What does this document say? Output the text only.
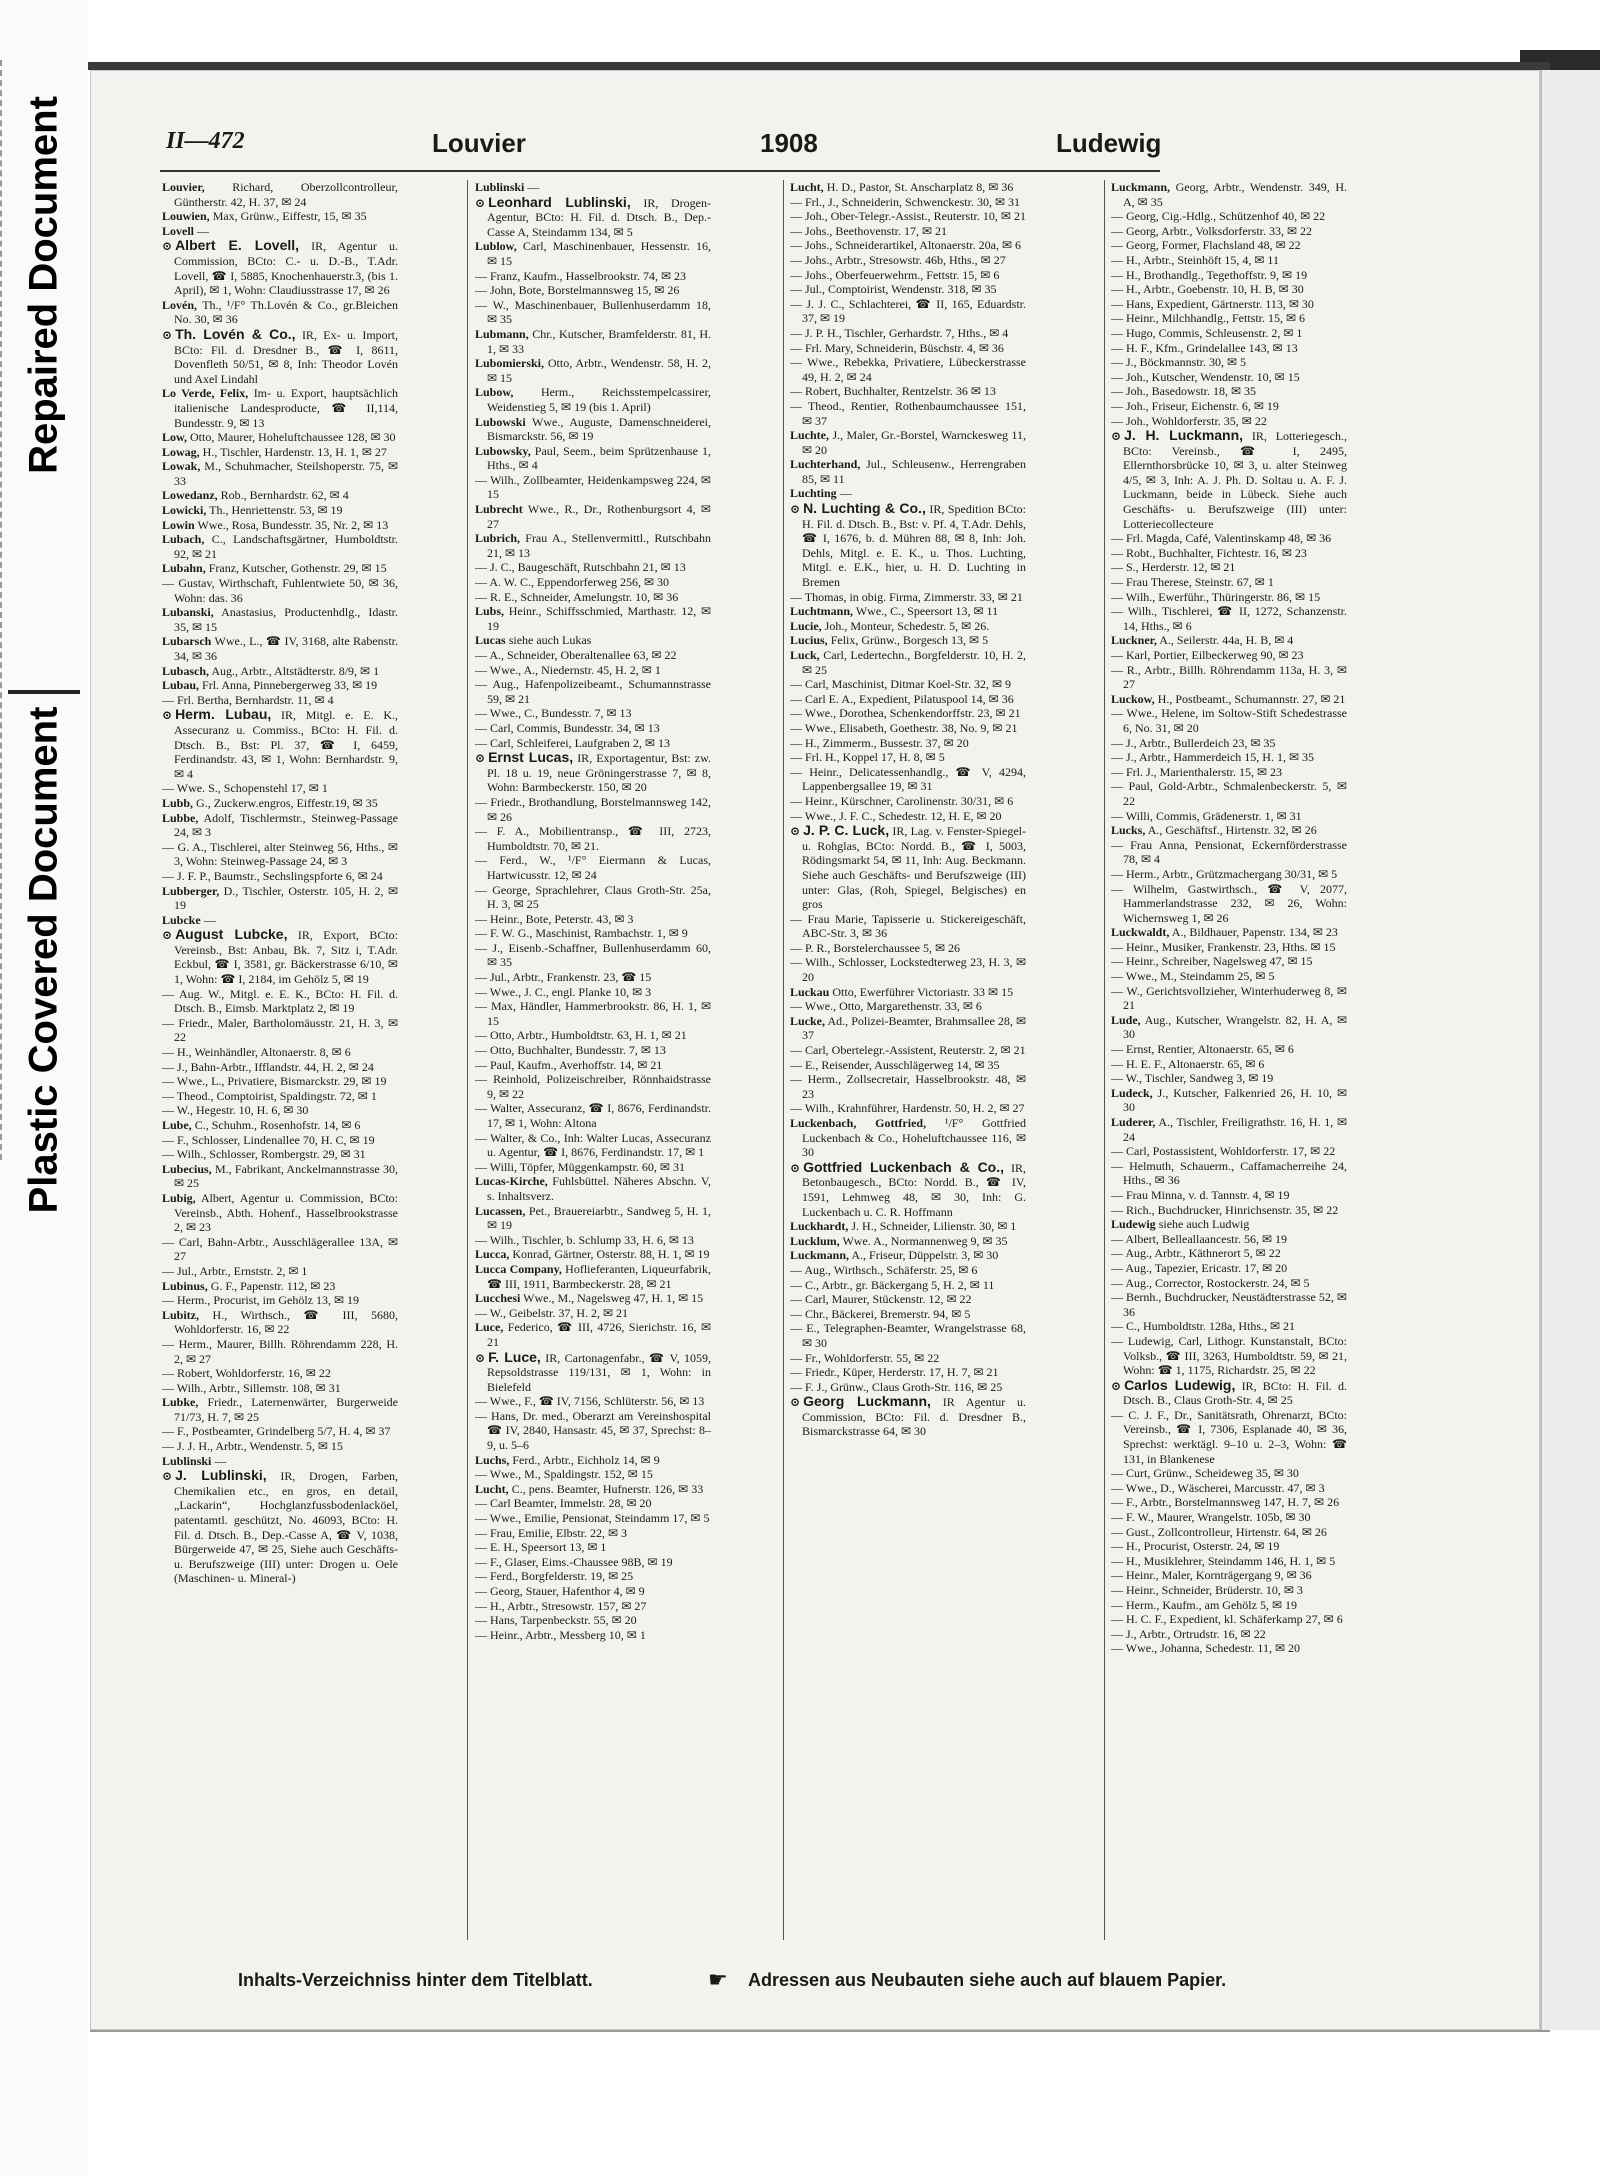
Repaired Document
Plastic Covered Document
II—472	Louvier	1908	Ludewig
Louvier, Richard, Oberzollcontrolleur, Güntherstr. 42, H. 37, ✉ 24
Louwien, Max, Grünw., Eiffestr, 15, ✉ 35
Lovell —
⊙ Albert E. Lovell, IR, Agentur u. Commission, BCto: C.- u. D.-B., T.Adr. Lovell, ☎ I, 5885, Knochenhauerstr.3, (bis 1. April), ✉ 1, Wohn: Claudiusstrasse 17, ✉ 26
Lovén, Th., ¹/F° Th.Lovén & Co., gr.Bleichen No. 30, ✉ 36
⊙ Th. Lovén & Co., IR, Ex- u. Import, BCto: Fil. d. Dresdner B., ☎ I, 8611, Dovenfleth 50/51, ✉ 8, Inh: Theodor Lovén und Axel Lindahl
Lo Verde, Felix, Im- u. Export, hauptsächlich italienische Landesproducte, ☎ II,114, Bundesstr. 9, ✉ 13
Low, Otto, Maurer, Hoheluftchaussee 128, ✉ 30
Lowag, H., Tischler, Hardenstr. 13, H. 1, ✉ 27
Lowak, M., Schuhmacher, Steilshoperstr. 75, ✉ 33
Lowedanz, Rob., Bernhardstr. 62, ✉ 4
Lowicki, Th., Henriettenstr. 53, ✉ 19
Lowin Wwe., Rosa, Bundesstr. 35, Nr. 2, ✉ 13
Lubach, C., Landschaftsgärtner, Humboldtstr. 92, ✉ 21
Lubahn, Franz, Kutscher, Gothenstr. 29, ✉ 15
— Gustav, Wirthschaft, Fuhlentwiete 50, ✉ 36, Wohn: das. 36
Lubanski, Anastasius, Productenhdlg., Idastr. 35, ✉ 15
Lubarsch Wwe., L., ☎ IV, 3168, alte Rabenstr. 34, ✉ 36
Lubasch, Aug., Arbtr., Altstädterstr. 8/9, ✉ 1
Lubau, Frl. Anna, Pinnebergerweg 33, ✉ 19
— Frl. Bertha, Bernhardstr. 11, ✉ 4
⊙ Herm. Lubau, IR, Mitgl. e. E. K., Assecuranz u. Commiss., BCto: H. Fil. d. Dtsch. B., Bst: Pl. 37, ☎ I, 6459, Ferdinandstr. 43, ✉ 1, Wohn: Bernhardstr. 9, ✉ 4
— Wwe. S., Schopenstehl 17, ✉ 1
Lubb, G., Zuckerw.engros, Eiffestr.19, ✉ 35
Lubbe, Adolf, Tischlermstr., Steinweg-Passage 24, ✉ 3
— G. A., Tischlerei, alter Steinweg 56, Hths., ✉ 3, Wohn: Steinweg-Passage 24, ✉ 3
— J. F. P., Baumstr., Sechslingspforte 6, ✉ 24
Lubberger, D., Tischler, Osterstr. 105, H. 2, ✉ 19
Lubcke —
⊙ August Lubcke, IR, Export, BCto: Vereinsb., Bst: Anbau, Bk. 7, Sitz i, T.Adr. Eckbul, ☎ I, 3581, gr. Bäckerstrasse 6/10, ✉ 1, Wohn: ☎ I, 2184, im Gehölz 5, ✉ 19
— Aug. W., Mitgl. e. E. K., BCto: H. Fil. d. Dtsch. B., Eimsb. Marktplatz 2, ✉ 19
— Friedr., Maler, Bartholomäusstr. 21, H. 3, ✉ 22
— H., Weinhändler, Altonaerstr. 8, ✉ 6
— J., Bahn-Arbtr., Ifflandstr. 44, H. 2, ✉ 24
— Wwe., L., Privatiere, Bismarckstr. 29, ✉ 19
— Theod., Comptoirist, Spaldingstr. 72, ✉ 1
— W., Hegestr. 10, H. 6, ✉ 30
Lube, C., Schuhm., Rosenhofstr. 14, ✉ 6
— F., Schlosser, Lindenallee 70, H. C, ✉ 19
— Wilh., Schlosser, Rombergstr. 29, ✉ 31
Lubecius, M., Fabrikant, Anckelmannstrasse 30, ✉ 25
Lubig, Albert, Agentur u. Commission, BCto: Vereinsb., Abth. Hohenf., Hasselbrookstrasse 2, ✉ 23
— Carl, Bahn-Arbtr., Ausschlägerallee 13A, ✉ 27
— Jul., Arbtr., Ernststr. 2, ✉ 1
Lubinus, G. F., Papenstr. 112, ✉ 23
— Herm., Procurist, im Gehölz 13, ✉ 19
Lubitz, H., Wirthsch., ☎ III, 5680, Wohldorferstr. 16, ✉ 22
— Herm., Maurer, Billh. Röhrendamm 228, H. 2, ✉ 27
— Robert, Wohldorferstr. 16, ✉ 22
— Wilh., Arbtr., Sillemstr. 108, ✉ 31
Lubke, Friedr., Laternenwärter, Burgerweide 71/73, H. 7, ✉ 25
— F., Postbeamter, Grindelberg 5/7, H. 4, ✉ 37
— J. J. H., Arbtr., Wendenstr. 5, ✉ 15
Lublinski —
⊙ J. Lublinski, IR, Drogen, Farben, Chemikalien etc., en gros, en detail, „Lackarin“, Hochglanzfussbodenlacköel, patentamtl. geschützt, No. 46093, BCto: H. Fil. d. Dtsch. B., Dep.-Casse A, ☎ V, 1038, Bürgerweide 47, ✉ 25, Siehe auch Geschäfts- u. Berufszweige (III) unter: Drogen u. Oele (Maschinen- u. Mineral-)
Lublinski —
⊙ Leonhard Lublinski, IR, Drogen-Agentur, BCto: H. Fil. d. Dtsch. B., Dep.-Casse A, Steindamm 134, ✉ 5
Lublow, Carl, Maschinenbauer, Hessenstr. 16, ✉ 15
— Franz, Kaufm., Hasselbrookstr. 74, ✉ 23
— John, Bote, Borstelmannsweg 15, ✉ 26
— W., Maschinenbauer, Bullenhuserdamm 18, ✉ 35
Lubmann, Chr., Kutscher, Bramfelderstr. 81, H. 1, ✉ 33
Lubomierski, Otto, Arbtr., Wendenstr. 58, H. 2, ✉ 15
Lubow, Herm., Reichsstempelcassirer, Weidenstieg 5, ✉ 19 (bis 1. April)
Lubowski Wwe., Auguste, Damenschneiderei, Bismarckstr. 56, ✉ 19
Lubowsky, Paul, Seem., beim Sprützenhause 1, Hths., ✉ 4
— Wilh., Zollbeamter, Heidenkampsweg 224, ✉ 15
Lubrecht Wwe., R., Dr., Rothenburgsort 4, ✉ 27
Lubrich, Frau A., Stellenvermittl., Rutschbahn 21, ✉ 13
— J. C., Baugeschäft, Rutschbahn 21, ✉ 13
— A. W. C., Eppendorferweg 256, ✉ 30
— R. E., Schneider, Amelungstr. 10, ✉ 36
Lubs, Heinr., Schiffsschmied, Marthastr. 12, ✉ 19
Lucas siehe auch Lukas
— A., Schneider, Oberaltenallee 63, ✉ 22
— Wwe., A., Niedernstr. 45, H. 2, ✉ 1
— Aug., Hafenpolizeibeamt., Schumannstrasse 59, ✉ 21
— Wwe., C., Bundesstr. 7, ✉ 13
— Carl, Commis, Bundesstr. 34, ✉ 13
— Carl, Schleiferei, Laufgraben 2, ✉ 13
⊙ Ernst Lucas, IR, Exportagentur, Bst: zw. Pl. 18 u. 19, neue Gröningerstrasse 7, ✉ 8, Wohn: Barmbeckerstr. 150, ✉ 20
— Friedr., Brothandlung, Borstelmannsweg 142, ✉ 26
— F. A., Mobilientransp., ☎ III, 2723, Humboldtstr. 70, ✉ 21.
— Ferd., W., ¹/F° Eiermann & Lucas, Hartwicusstr. 12, ✉ 24
— George, Sprachlehrer, Claus Groth-Str. 25a, H. 3, ✉ 25
— Heinr., Bote, Peterstr. 43, ✉ 3
— F. W. G., Maschinist, Rambachstr. 1, ✉ 9
— J., Eisenb.-Schaffner, Bullenhuserdamm 60, ✉ 35
— Jul., Arbtr., Frankenstr. 23, ☎ 15
— Wwe., J. C., engl. Planke 10, ✉ 3
— Max, Händler, Hammerbrookstr. 86, H. 1, ✉ 15
— Otto, Arbtr., Humboldtstr. 63, H. 1, ✉ 21
— Otto, Buchhalter, Bundesstr. 7, ✉ 13
— Paul, Kaufm., Averhoffstr. 14, ✉ 21
— Reinhold, Polizeischreiber, Rönnhaidstrasse 9, ✉ 22
— Walter, Assecuranz, ☎ I, 8676, Ferdinandstr. 17, ✉ 1, Wohn: Altona
— Walter, & Co., Inh: Walter Lucas, Assecuranz u. Agentur, ☎ I, 8676, Ferdinandstr. 17, ✉ 1
— Willi, Töpfer, Müggenkampstr. 60, ✉ 31
Lucas-Kirche, Fuhlsbüttel. Näheres Abschn. V, s. Inhaltsverz.
Lucassen, Pet., Brauereiarbtr., Sandweg 5, H. 1, ✉ 19
— Wilh., Tischler, b. Schlump 33, H. 6, ✉ 13
Lucca, Konrad, Gärtner, Osterstr. 88, H. 1, ✉ 19
Lucca Company, Hoflieferanten, Liqueurfabrik, ☎ III, 1911, Barmbeckerstr. 28, ✉ 21
Lucchesi Wwe., M., Nagelsweg 47, H. 1, ✉ 15
— W., Geibelstr. 37, H. 2, ✉ 21
Luce, Federico, ☎ III, 4726, Sierichstr. 16, ✉ 21
⊙ F. Luce, IR, Cartonagenfabr., ☎ V, 1059, Repsoldstrasse 119/131, ✉ 1, Wohn: in Bielefeld
— Wwe., F., ☎ IV, 7156, Schlüterstr. 56, ✉ 13
— Hans, Dr. med., Oberarzt am Vereinshospital ☎ IV, 2840, Hansastr. 45, ✉ 37, Sprechst: 8–9, u. 5–6
Luchs, Ferd., Arbtr., Eichholz 14, ✉ 9
— Wwe., M., Spaldingstr. 152, ✉ 15
Lucht, C., pens. Beamter, Hufnerstr. 126, ✉ 33
— Carl Beamter, Immelstr. 28, ✉ 20
— Wwe., Emilie, Pensionat, Steindamm 17, ✉ 5
— Frau, Emilie, Elbstr. 22, ✉ 3
— E. H., Speersort 13, ✉ 1
— F., Glaser, Eims.-Chaussee 98B, ✉ 19
— Ferd., Borgfelderstr. 19, ✉ 25
— Georg, Stauer, Hafenthor 4, ✉ 9
— H., Arbtr., Stresowstr. 157, ✉ 27
— Hans, Tarpenbeckstr. 55, ✉ 20
— Heinr., Arbtr., Messberg 10, ✉ 1
Lucht, H. D., Pastor, St. Anscharplatz 8, ✉ 36
— Frl., J., Schneiderin, Schwenckestr. 30, ✉ 31
— Joh., Ober-Telegr.-Assist., Reuterstr. 10, ✉ 21
— Johs., Beethovenstr. 17, ✉ 21
— Johs., Schneiderartikel, Altonaerstr. 20a, ✉ 6
— Johs., Arbtr., Stresowstr. 46b, Hths., ✉ 27
— Johs., Oberfeuerwehrm., Fettstr. 15, ✉ 6
— Jul., Comptoirist, Wendenstr. 318, ✉ 35
— J. J. C., Schlachterei, ☎ II, 165, Eduardstr. 37, ✉ 19
— J. P. H., Tischler, Gerhardstr. 7, Hths., ✉ 4
— Frl. Mary, Schneiderin, Büschstr. 4, ✉ 36
— Wwe., Rebekka, Privatiere, Lübeckerstrasse 49, H. 2, ✉ 24
— Robert, Buchhalter, Rentzelstr. 36 ✉ 13
— Theod., Rentier, Rothenbaumchaussee 151, ✉ 37
Luchte, J., Maler, Gr.-Borstel, Warnckesweg 11, ✉ 20
Luchterhand, Jul., Schleusenw., Herrengraben 85, ✉ 11
Luchting —
⊙ N. Luchting & Co., IR, Spedition BCto: H. Fil. d. Dtsch. B., Bst: v. Pf. 4, T.Adr. Dehls, ☎ I, 1676, b. d. Mühren 88, ✉ 8, Inh: Joh. Dehls, Mitgl. e. E. K., u. Thos. Luchting, Mitgl. e. E.K., hier, u. H. D. Luchting in Bremen
— Thomas, in obig. Firma, Zimmerstr. 33, ✉ 21
Luchtmann, Wwe., C., Speersort 13, ✉ 11
Lucie, Joh., Monteur, Schedestr. 5, ✉ 26.
Lucius, Felix, Grünw., Borgesch 13, ✉ 5
Luck, Carl, Ledertechn., Borgfelderstr. 10, H. 2, ✉ 25
— Carl, Maschinist, Ditmar Koel-Str. 32, ✉ 9
— Carl E. A., Expedient, Pilatuspool 14, ✉ 36
— Wwe., Dorothea, Schenkendorffstr. 23, ✉ 21
— Wwe., Elisabeth, Goethestr. 38, No. 9, ✉ 21
— H., Zimmerm., Bussestr. 37, ✉ 20
— Frl. H., Koppel 17, H. 8, ✉ 5
— Heinr., Delicatessenhandlg., ☎ V, 4294, Lappenbergsallee 19, ✉ 31
— Heinr., Kürschner, Carolinenstr. 30/31, ✉ 6
— Wwe., J. F. C., Schedestr. 12, H. E, ✉ 20
⊙ J. P. C. Luck, IR, Lag. v. Fenster-Spiegel- u. Rohglas, BCto: Nordd. B., ☎ I, 5003, Rödingsmarkt 54, ✉ 11, Inh: Aug. Beckmann. Siehe auch Geschäfts- und Berufszweige (III) unter: Glas, (Roh, Spiegel, Belgisches) en gros
— Frau Marie, Tapisserie u. Stickereigeschäft, ABC-Str. 3, ✉ 36
— P. R., Borstelerchaussee 5, ✉ 26
— Wilh., Schlosser, Lockstedterweg 23, H. 3, ✉ 20
Luckau Otto, Ewerführer Victoriastr. 33 ✉ 15
— Wwe., Otto, Margarethenstr. 33, ✉ 6
Lucke, Ad., Polizei-Beamter, Brahmsallee 28, ✉ 37
— Carl, Obertelegr.-Assistent, Reuterstr. 2, ✉ 21
— E., Reisender, Ausschlägerweg 14, ✉ 35
— Herm., Zollsecretair, Hasselbrookstr. 48, ✉ 23
— Wilh., Krahnführer, Hardenstr. 50, H. 2, ✉ 27
Luckenbach, Gottfried, ¹/F° Gottfried Luckenbach & Co., Hoheluftchaussee 116, ✉ 30
⊙ Gottfried Luckenbach & Co., IR, Betonbaugesch., BCto: Nordd. B., ☎ IV, 1591, Lehmweg 48, ✉ 30, Inh: G. Luckenbach u. C. R. Hoffmann
Luckhardt, J. H., Schneider, Lilienstr. 30, ✉ 1
Lucklum, Wwe. A., Normannenweg 9, ✉ 35
Luckmann, A., Friseur, Düppelstr. 3, ✉ 30
— Aug., Wirthsch., Schäferstr. 25, ✉ 6
— C., Arbtr., gr. Bäckergang 5, H. 2, ✉ 11
— Carl, Maurer, Stückenstr. 12, ✉ 22
— Chr., Bäckerei, Bremerstr. 94, ✉ 5
— E., Telegraphen-Beamter, Wrangelstrasse 68, ✉ 30
— Fr., Wohldorferstr. 55, ✉ 22
— Friedr., Küper, Herderstr. 17, H. 7, ✉ 21
— F. J., Grünw., Claus Groth-Str. 116, ✉ 25
⊙ Georg Luckmann, IR Agentur u. Commission, BCto: Fil. d. Dresdner B., Bismarckstrasse 64, ✉ 30
Luckmann, Georg, Arbtr., Wendenstr. 349, H. A, ✉ 35
— Georg, Cig.-Hdlg., Schützenhof 40, ✉ 22
— Georg, Arbtr., Volksdorferstr. 33, ✉ 22
— Georg, Former, Flachsland 48, ✉ 22
— H., Arbtr., Steinhöft 15, 4, ✉ 11
— H., Brothandlg., Tegethoffstr. 9, ✉ 19
— H., Arbtr., Goebenstr. 10, H. B, ✉ 30
— Hans, Expedient, Gärtnerstr. 113, ✉ 30
— Heinr., Milchhandlg., Fettstr. 15, ✉ 6
— Hugo, Commis, Schleusenstr. 2, ✉ 1
— H. F., Kfm., Grindelallee 143, ✉ 13
— J., Böckmannstr. 30, ✉ 5
— Joh., Kutscher, Wendenstr. 10, ✉ 15
— Joh., Basedowstr. 18, ✉ 35
— Joh., Friseur, Eichenstr. 6, ✉ 19
— Joh., Wohldorferstr. 35, ✉ 22
⊙ J. H. Luckmann, IR, Lotteriegesch., BCto: Vereinsb., ☎ I, 2495, Ellernthorsbrücke 10, ✉ 3, u. alter Steinweg 4/5, ✉ 3, Inh: A. J. Ph. D. Soltau u. A. F. J. Luckmann, beide in Lübeck. Siehe auch Geschäfts- u. Berufszweige (III) unter: Lotteriecollecteure
— Frl. Magda, Café, Valentinskamp 48, ✉ 36
— Robt., Buchhalter, Fichtestr. 16, ✉ 23
— S., Herderstr. 12, ✉ 21
— Frau Therese, Steinstr. 67, ✉ 1
— Wilh., Ewerführ., Thüringerstr. 86, ✉ 15
— Wilh., Tischlerei, ☎ II, 1272, Schanzenstr. 14, Hths., ✉ 6
Luckner, A., Seilerstr. 44a, H. B, ✉ 4
— Karl, Portier, Eilbeckerweg 90, ✉ 23
— R., Arbtr., Billh. Röhrendamm 113a, H. 3, ✉ 27
Luckow, H., Postbeamt., Schumannstr. 27, ✉ 21
— Wwe., Helene, im Soltow-Stift Schedestrasse 6, No. 31, ✉ 20
— J., Arbtr., Bullerdeich 23, ✉ 35
— J., Arbtr., Hammerdeich 15, H. 1, ✉ 35
— Frl. J., Marienthalerstr. 15, ✉ 23
— Paul, Gold-Arbtr., Schmalenbeckerstr. 5, ✉ 22
— Willi, Commis, Grädenerstr. 1, ✉ 31
Lucks, A., Geschäftsf., Hirtenstr. 32, ✉ 26
— Frau Anna, Pensionat, Eckernförderstrasse 78, ✉ 4
— Herm., Arbtr., Grützmachergang 30/31, ✉ 5
— Wilhelm, Gastwirthsch., ☎ V, 2077, Hammerlandstrasse 232, ✉ 26, Wohn: Wichernsweg 1, ✉ 26
Luckwaldt, A., Bildhauer, Papenstr. 134, ✉ 23
— Heinr., Musiker, Frankenstr. 23, Hths. ✉ 15
— Heinr., Schreiber, Nagelsweg 47, ✉ 15
— Wwe., M., Steindamm 25, ✉ 5
— W., Gerichtsvollzieher, Winterhuderweg 8, ✉ 21
Lude, Aug., Kutscher, Wrangelstr. 82, H. A, ✉ 30
— Ernst, Rentier, Altonaerstr. 65, ✉ 6
— H. E. F., Altonaerstr. 65, ✉ 6
— W., Tischler, Sandweg 3, ✉ 19
Ludeck, J., Kutscher, Falkenried 26, H. 10, ✉ 30
Luderer, A., Tischler, Freiligrathstr. 16, H. 1, ✉ 24
— Carl, Postassistent, Wohldorferstr. 17, ✉ 22
— Helmuth, Schauerm., Caffamacherreihe 24, Hths., ✉ 36
— Frau Minna, v. d. Tannstr. 4, ✉ 19
— Rich., Buchdrucker, Hinrichsenstr. 35, ✉ 22
Ludewig siehe auch Ludwig
— Albert, Belleallaancestr. 56, ✉ 19
— Aug., Arbtr., Käthnerort 5, ✉ 22
— Aug., Tapezier, Ericastr. 17, ✉ 20
— Aug., Corrector, Rostockerstr. 24, ✉ 5
— Bernh., Buchdrucker, Neustädterstrasse 52, ✉ 36
— C., Humboldtstr. 128a, Hths., ✉ 21
— Ludewig, Carl, Lithogr. Kunstanstalt, BCto: Volksb., ☎ III, 3263, Humboldtstr. 59, ✉ 21, Wohn: ☎ 1, 1175, Richardstr. 25, ✉ 22
⊙ Carlos Ludewig, IR, BCto: H. Fil. d. Dtsch. B., Claus Groth-Str. 4, ✉ 25
— C. J. F., Dr., Sanitätsrath, Ohrenarzt, BCto: Vereinsb., ☎ I, 7306, Esplanade 40, ✉ 36, Sprechst: werktägl. 9–10 u. 2–3, Wohn: ☎ 131, in Blankenese
— Curt, Grünw., Scheideweg 35, ✉ 30
— Wwe., D., Wäscherei, Marcusstr. 47, ✉ 3
— F., Arbtr., Borstelmannsweg 147, H. 7, ✉ 26
— F. W., Maurer, Wrangelstr. 105b, ✉ 30
— Gust., Zollcontrolleur, Hirtenstr. 64, ✉ 26
— H., Procurist, Osterstr. 24, ✉ 19
— H., Musiklehrer, Steindamm 146, H. 1, ✉ 5
— Heinr., Maler, Kornträgergang 9, ✉ 36
— Heinr., Schneider, Brüderstr. 10, ✉ 3
— Herm., Kaufm., am Gehölz 5, ✉ 19
— H. C. F., Expedient, kl. Schäferkamp 27, ✉ 6
— J., Arbtr., Ortrudstr. 16, ✉ 22
— Wwe., Johanna, Schedestr. 11, ✉ 20
Inhalts-Verzeichniss hinter dem Titelblatt.	☛ Adressen aus Neubauten siehe auch auf blauem Papier.
